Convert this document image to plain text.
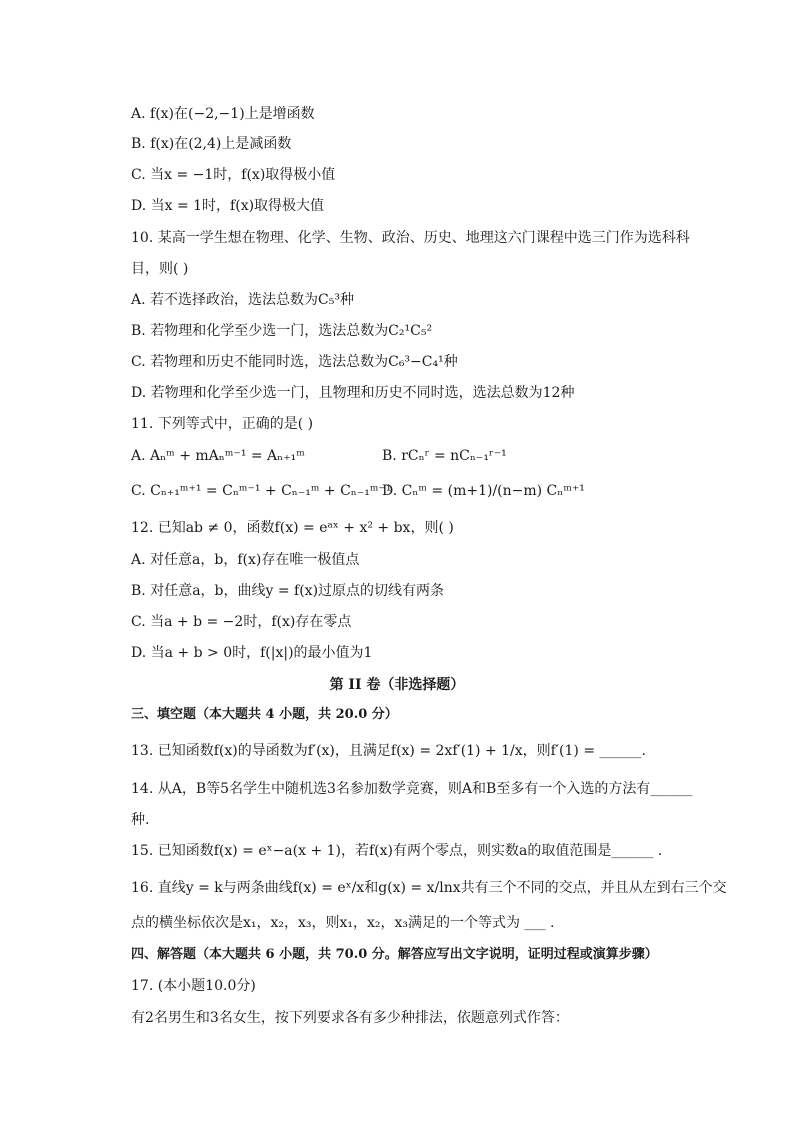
A. f(x)在(−2,−1)上是增函数
B. f(x)在(2,4)上是减函数
C. 当x = −1时，f(x)取得极小值
D. 当x = 1时，f(x)取得极大值
10. 某高一学生想在物理、化学、生物、政治、历史、地理这六门课程中选三门作为选科科
目，则( )
A. 若不选择政治，选法总数为C₅³种
B. 若物理和化学至少选一门，选法总数为C₂¹C₅²
C. 若物理和历史不能同时选，选法总数为C₆³−C₄¹种
D. 若物理和化学至少选一门，且物理和历史不同时选，选法总数为12种
11. 下列等式中，正确的是( )
A. Aₙᵐ + mAₙᵐ⁻¹ = Aₙ₊₁ᵐ	B. rCₙʳ = nCₙ₋₁ʳ⁻¹
C. Cₙ₊₁ᵐ⁺¹ = Cₙᵐ⁻¹ + Cₙ₋₁ᵐ + Cₙ₋₁ᵐ⁻¹
D. Cₙᵐ = (m+1)/(n−m) Cₙᵐ⁺¹
12. 已知ab ≠ 0，函数f(x) = eᵃˣ + x² + bx，则( )
A. 对任意a，b，f(x)存在唯一极值点
B. 对任意a，b，曲线y = f(x)过原点的切线有两条
C. 当a + b = −2时，f(x)存在零点
D. 当a + b > 0时，f(|x|)的最小值为1
第 II 卷（非选择题）
三、填空题（本大题共 4 小题，共 20.0 分）
13. 已知函数f(x)的导函数为f′(x)，且满足f(x) = 2xf′(1) + 1/x，则f′(1) = ______.
14. 从A，B等5名学生中随机选3名参加数学竞赛，则A和B至多有一个入选的方法有______
种.
15. 已知函数f(x) = eˣ−a(x + 1)，若f(x)有两个零点，则实数a的取值范围是______ .
16. 直线y = k与两条曲线f(x) = eˣ/x和g(x) = x/lnx共有三个不同的交点，并且从左到右三个交
点的横坐标依次是x₁，x₂，x₃，则x₁，x₂，x₃满足的一个等式为 ___ .
四、解答题（本大题共 6 小题，共 70.0 分。解答应写出文字说明，证明过程或演算步骤）
17. (本小题10.0分)
有2名男生和3名女生，按下列要求各有多少种排法，依题意列式作答：
